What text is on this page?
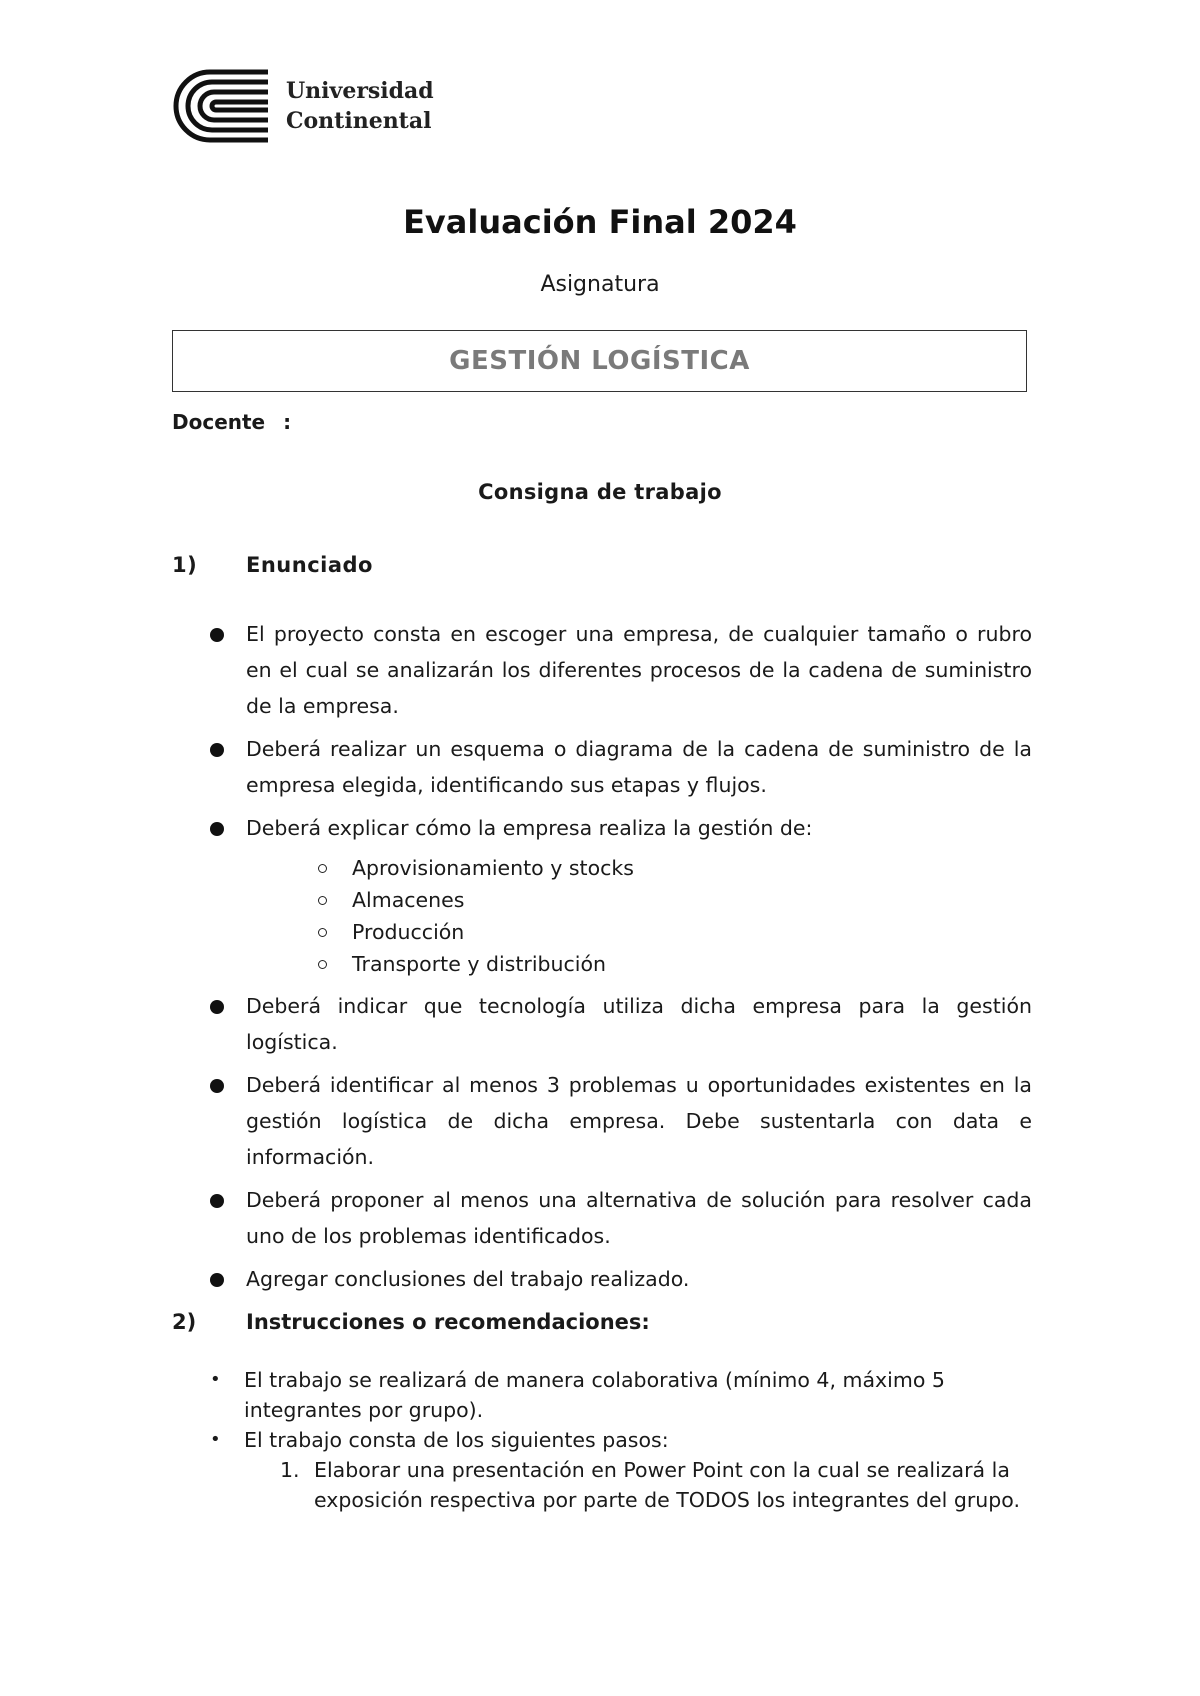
Universidad
Continental
Evaluación Final 2024
Asignatura
GESTIÓN LOGÍSTICA
Docente :
Consigna de trabajo
1) Enunciado
El proyecto consta en escoger una empresa, de cualquier tamaño o rubro en el cual se analizarán los diferentes procesos de la cadena de suministro de la empresa.
Deberá realizar un esquema o diagrama de la cadena de suministro de la empresa elegida, identificando sus etapas y flujos.
Deberá explicar cómo la empresa realiza la gestión de:
Aprovisionamiento y stocks
Almacenes
Producción
Transporte y distribución
Deberá indicar que tecnología utiliza dicha empresa para la gestión logística.
Deberá identificar al menos 3 problemas u oportunidades existentes en la gestión logística de dicha empresa. Debe sustentarla con data e información.
Deberá proponer al menos una alternativa de solución para resolver cada uno de los problemas identificados.
Agregar conclusiones del trabajo realizado.
2) Instrucciones o recomendaciones:
• El trabajo se realizará de manera colaborativa (mínimo 4, máximo 5 integrantes por grupo).
• El trabajo consta de los siguientes pasos:
1. Elaborar una presentación en Power Point con la cual se realizará la exposición respectiva por parte de TODOS los integrantes del grupo.
